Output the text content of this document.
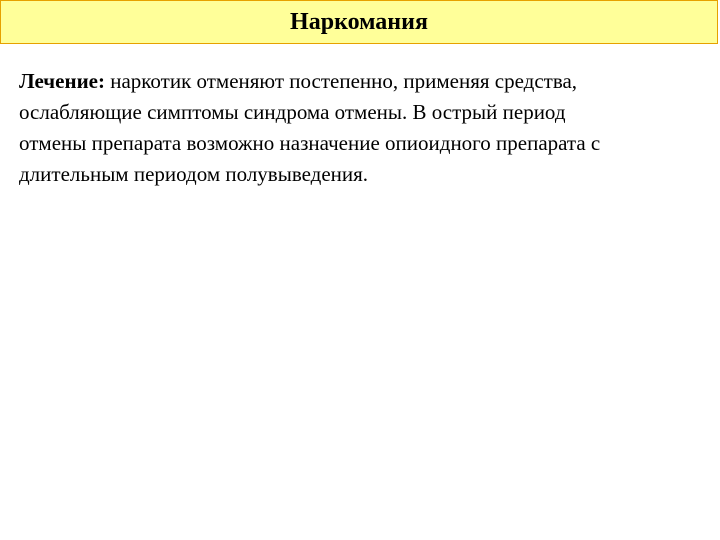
Наркомания
Лечение: наркотик отменяют постепенно, применяя средства,
ослабляющие симптомы синдрома отмены. В острый период
отмены препарата возможно назначение опиоидного препарата с
длительным периодом полувыведения.
